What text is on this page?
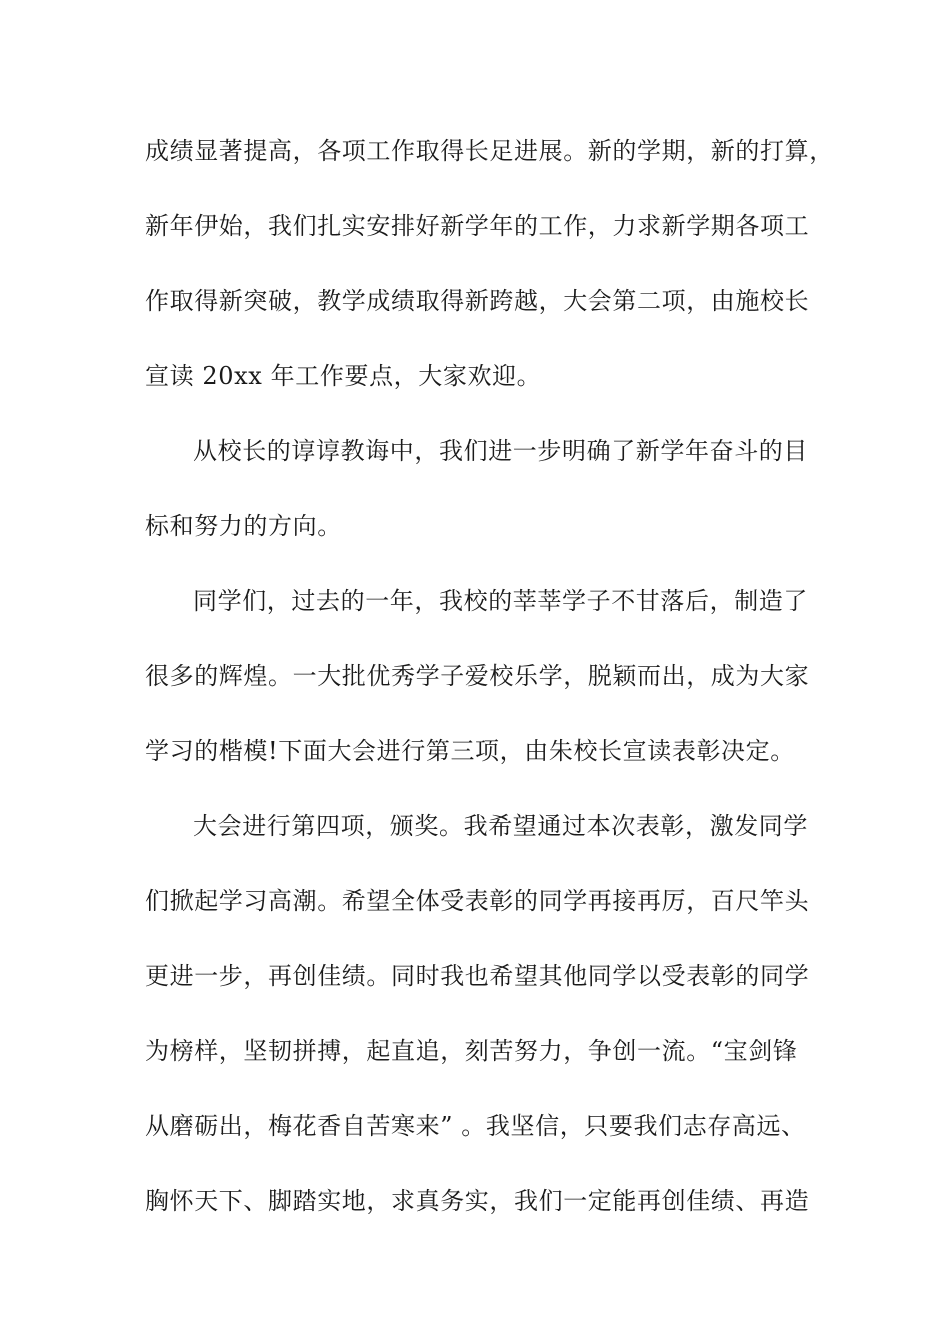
成绩显著提高，各项工作取得长足进展。新的学期，新的打算，

新年伊始，我们扎实安排好新学年的工作，力求新学期各项工

作取得新突破，教学成绩取得新跨越，大会第二项，由施校长

宣读 20xx 年工作要点，大家欢迎。

从校长的谆谆教诲中，我们进一步明确了新学年奋斗的目

标和努力的方向。

同学们，过去的一年，我校的莘莘学子不甘落后，制造了

很多的辉煌。一大批优秀学子爱校乐学，脱颖而出，成为大家

学习的楷模!下面大会进行第三项，由朱校长宣读表彰决定。

大会进行第四项，颁奖。我希望通过本次表彰，激发同学

们掀起学习高潮。希望全体受表彰的同学再接再厉，百尺竿头

更进一步，再创佳绩。同时我也希望其他同学以受表彰的同学

为榜样，坚韧拼搏，起直追，刻苦努力，争创一流。“宝剑锋

从磨砺出，梅花香自苦寒来” 。我坚信，只要我们志存高远、

胸怀天下、脚踏实地，求真务实，我们一定能再创佳绩、再造
